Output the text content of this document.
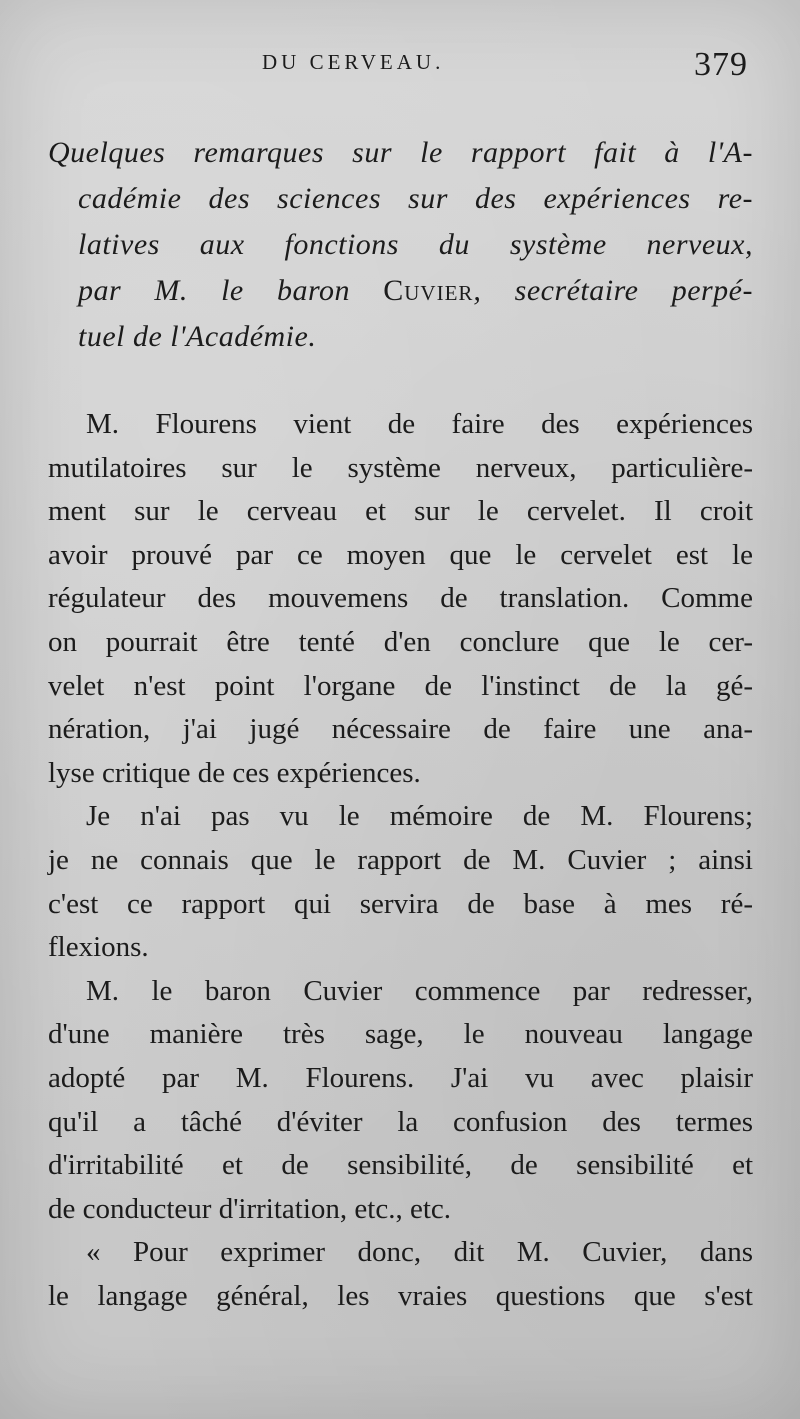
DU CERVEAU.	379
Quelques remarques sur le rapport fait à l'A-
cadémie des sciences sur des expériences re-
latives aux fonctions du système nerveux,
par M. le baron Cuvier, secrétaire perpé-
tuel de l'Académie.
M. Flourens vient de faire des expériences
mutilatoires sur le système nerveux, particulière-
ment sur le cerveau et sur le cervelet. Il croit
avoir prouvé par ce moyen que le cervelet est le
régulateur des mouvemens de translation. Comme
on pourrait être tenté d'en conclure que le cer-
velet n'est point l'organe de l'instinct de la gé-
nération, j'ai jugé nécessaire de faire une ana-
lyse critique de ces expériences.
Je n'ai pas vu le mémoire de M. Flourens;
je ne connais que le rapport de M. Cuvier ; ainsi
c'est ce rapport qui servira de base à mes ré-
flexions.
M. le baron Cuvier commence par redresser,
d'une manière très sage, le nouveau langage
adopté par M. Flourens. J'ai vu avec plaisir
qu'il a tâché d'éviter la confusion des termes
d'irritabilité et de sensibilité, de sensibilité et
de conducteur d'irritation, etc., etc.
« Pour exprimer donc, dit M. Cuvier, dans
le langage général, les vraies questions que s'est
